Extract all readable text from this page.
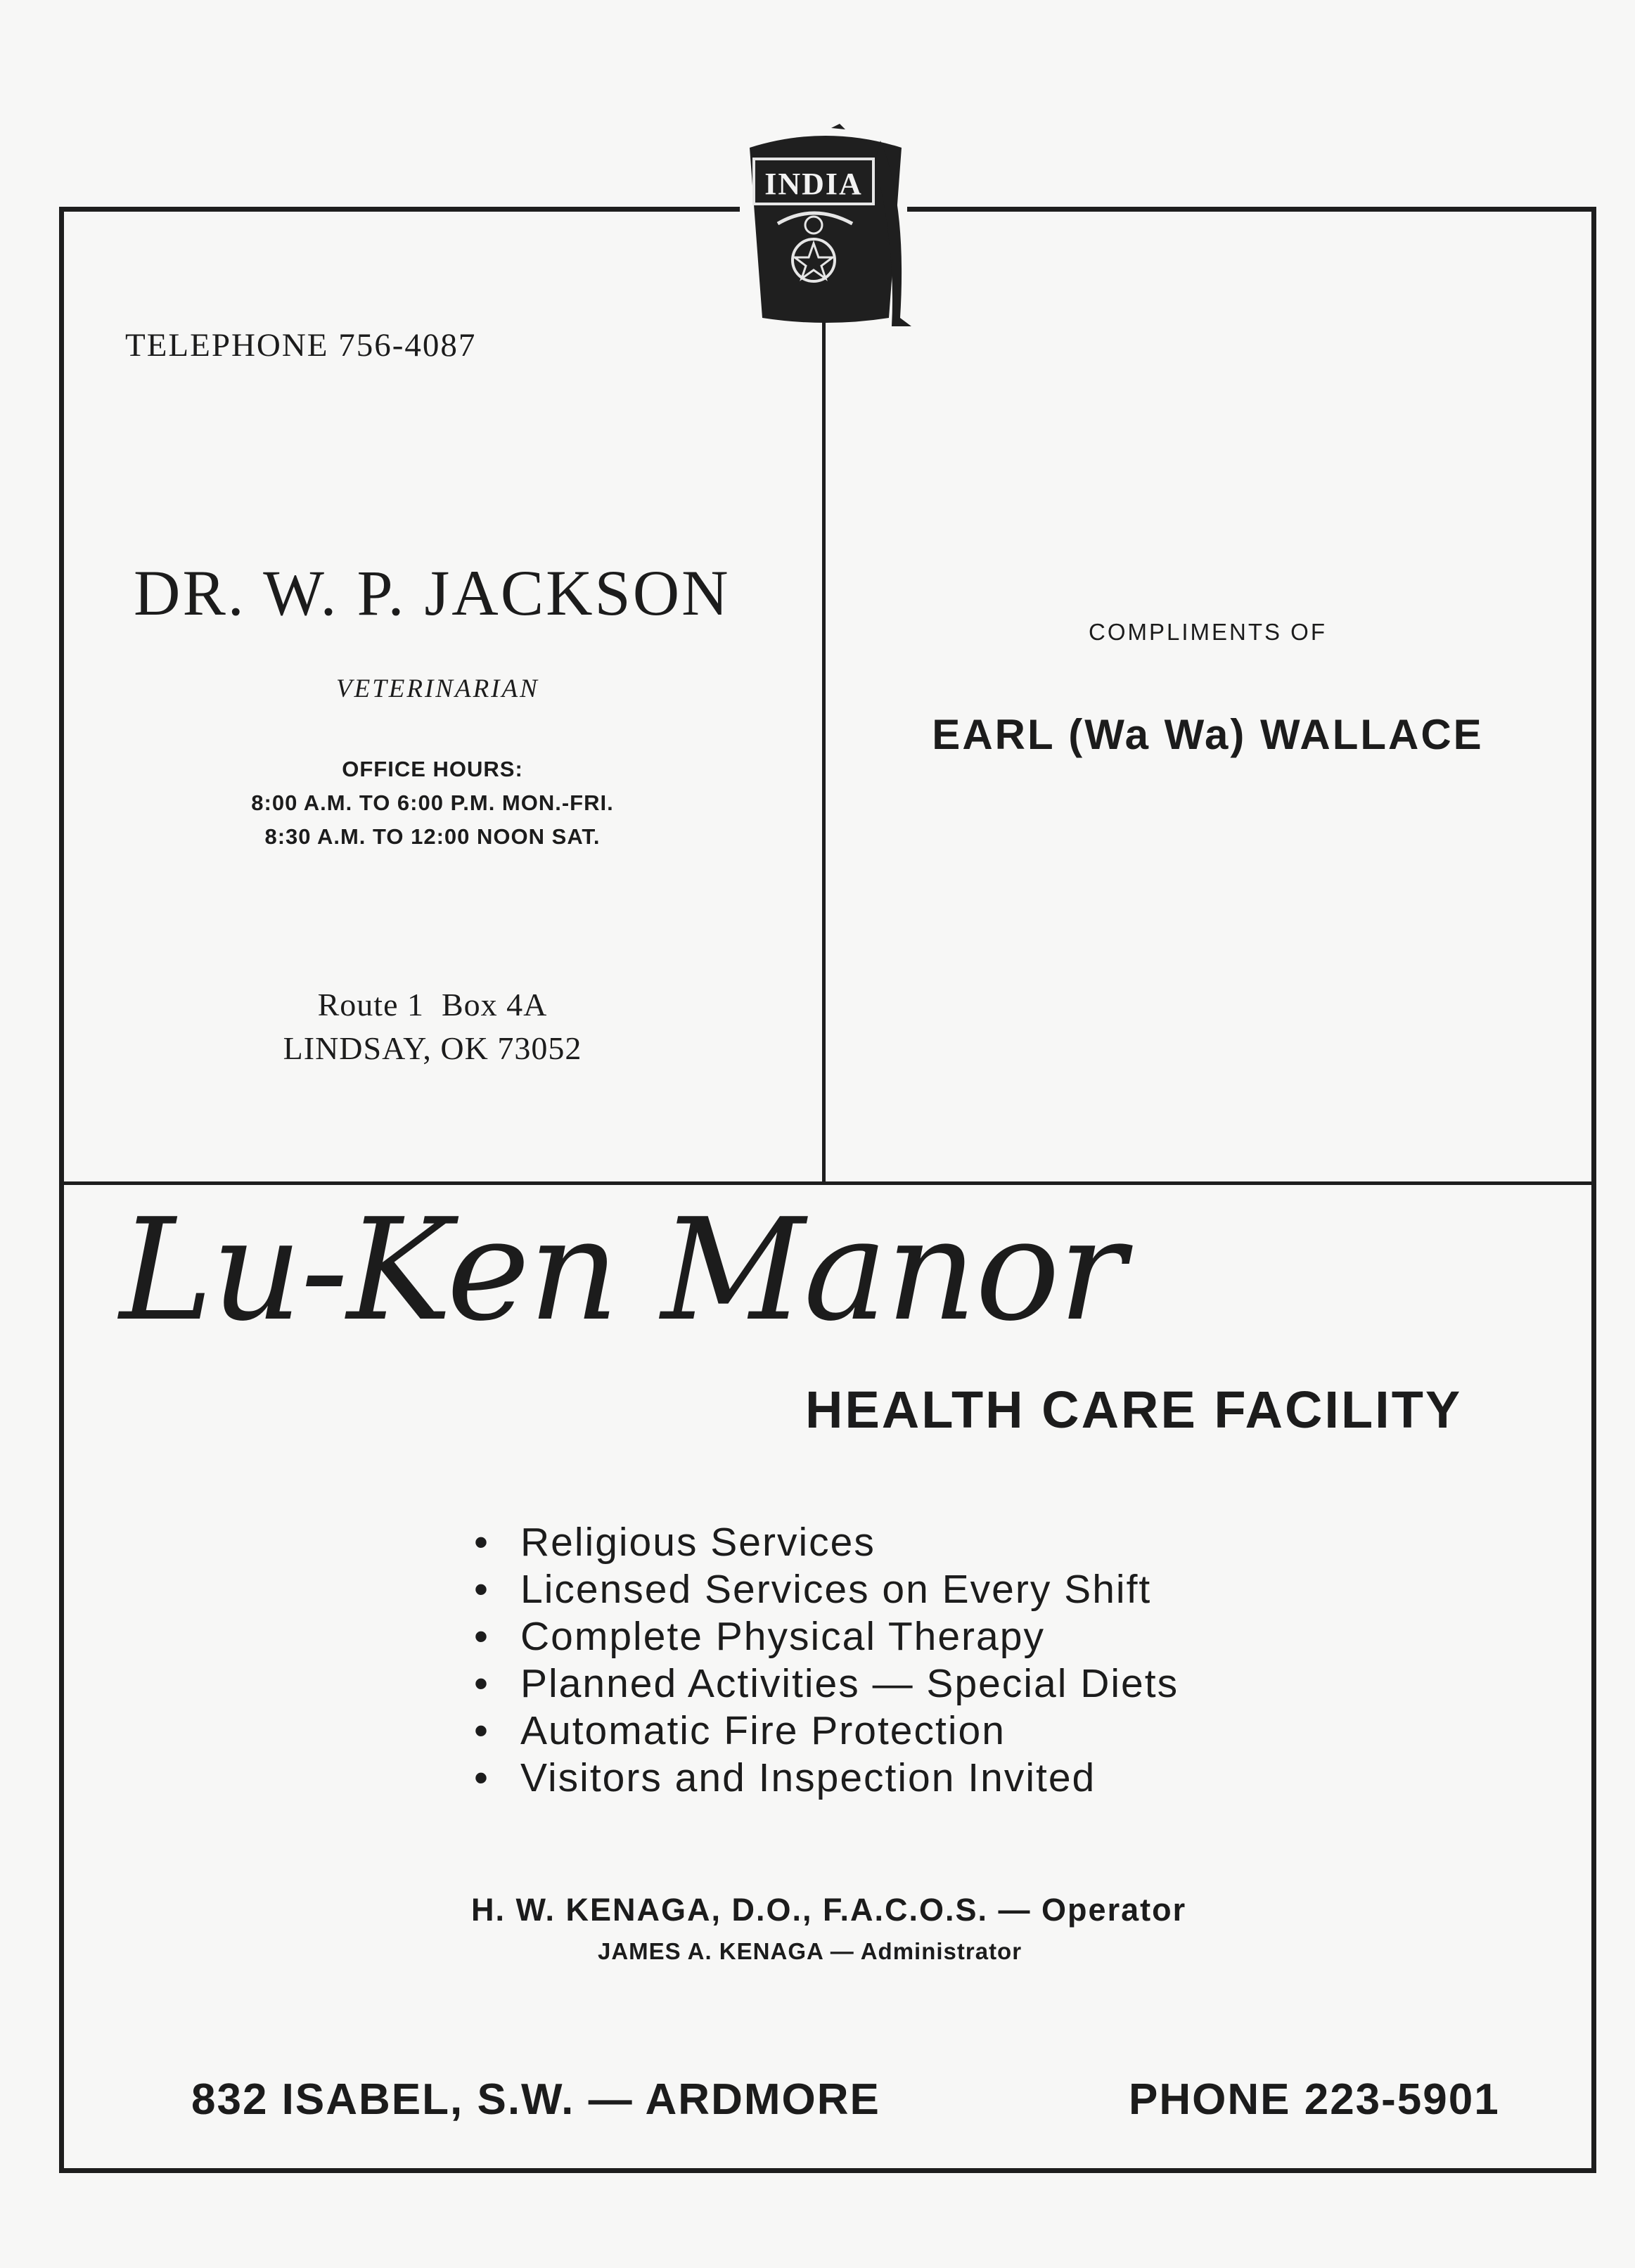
INDIA

TELEPHONE 756-4087

DR. W. P. JACKSON

VETERINARIAN

OFFICE HOURS:
8:00 A.M. TO 6:00 P.M. MON.-FRI.
8:30 A.M. TO 12:00 NOON SAT.
Route 1  Box 4A
LINDSAY, OK 73052

COMPLIMENTS OF

EARL (Wa Wa) WALLACE

Lu-Ken Manor

HEALTH CARE FACILITY

• Religious Services
• Licensed Services on Every Shift
• Complete Physical Therapy
• Planned Activities — Special Diets
• Automatic Fire Protection
• Visitors and Inspection Invited

H. W. KENAGA, D.O., F.A.C.O.S. — Operator

JAMES A. KENAGA — Administrator

832 ISABEL, S.W. — ARDMORE	PHONE 223-5901
